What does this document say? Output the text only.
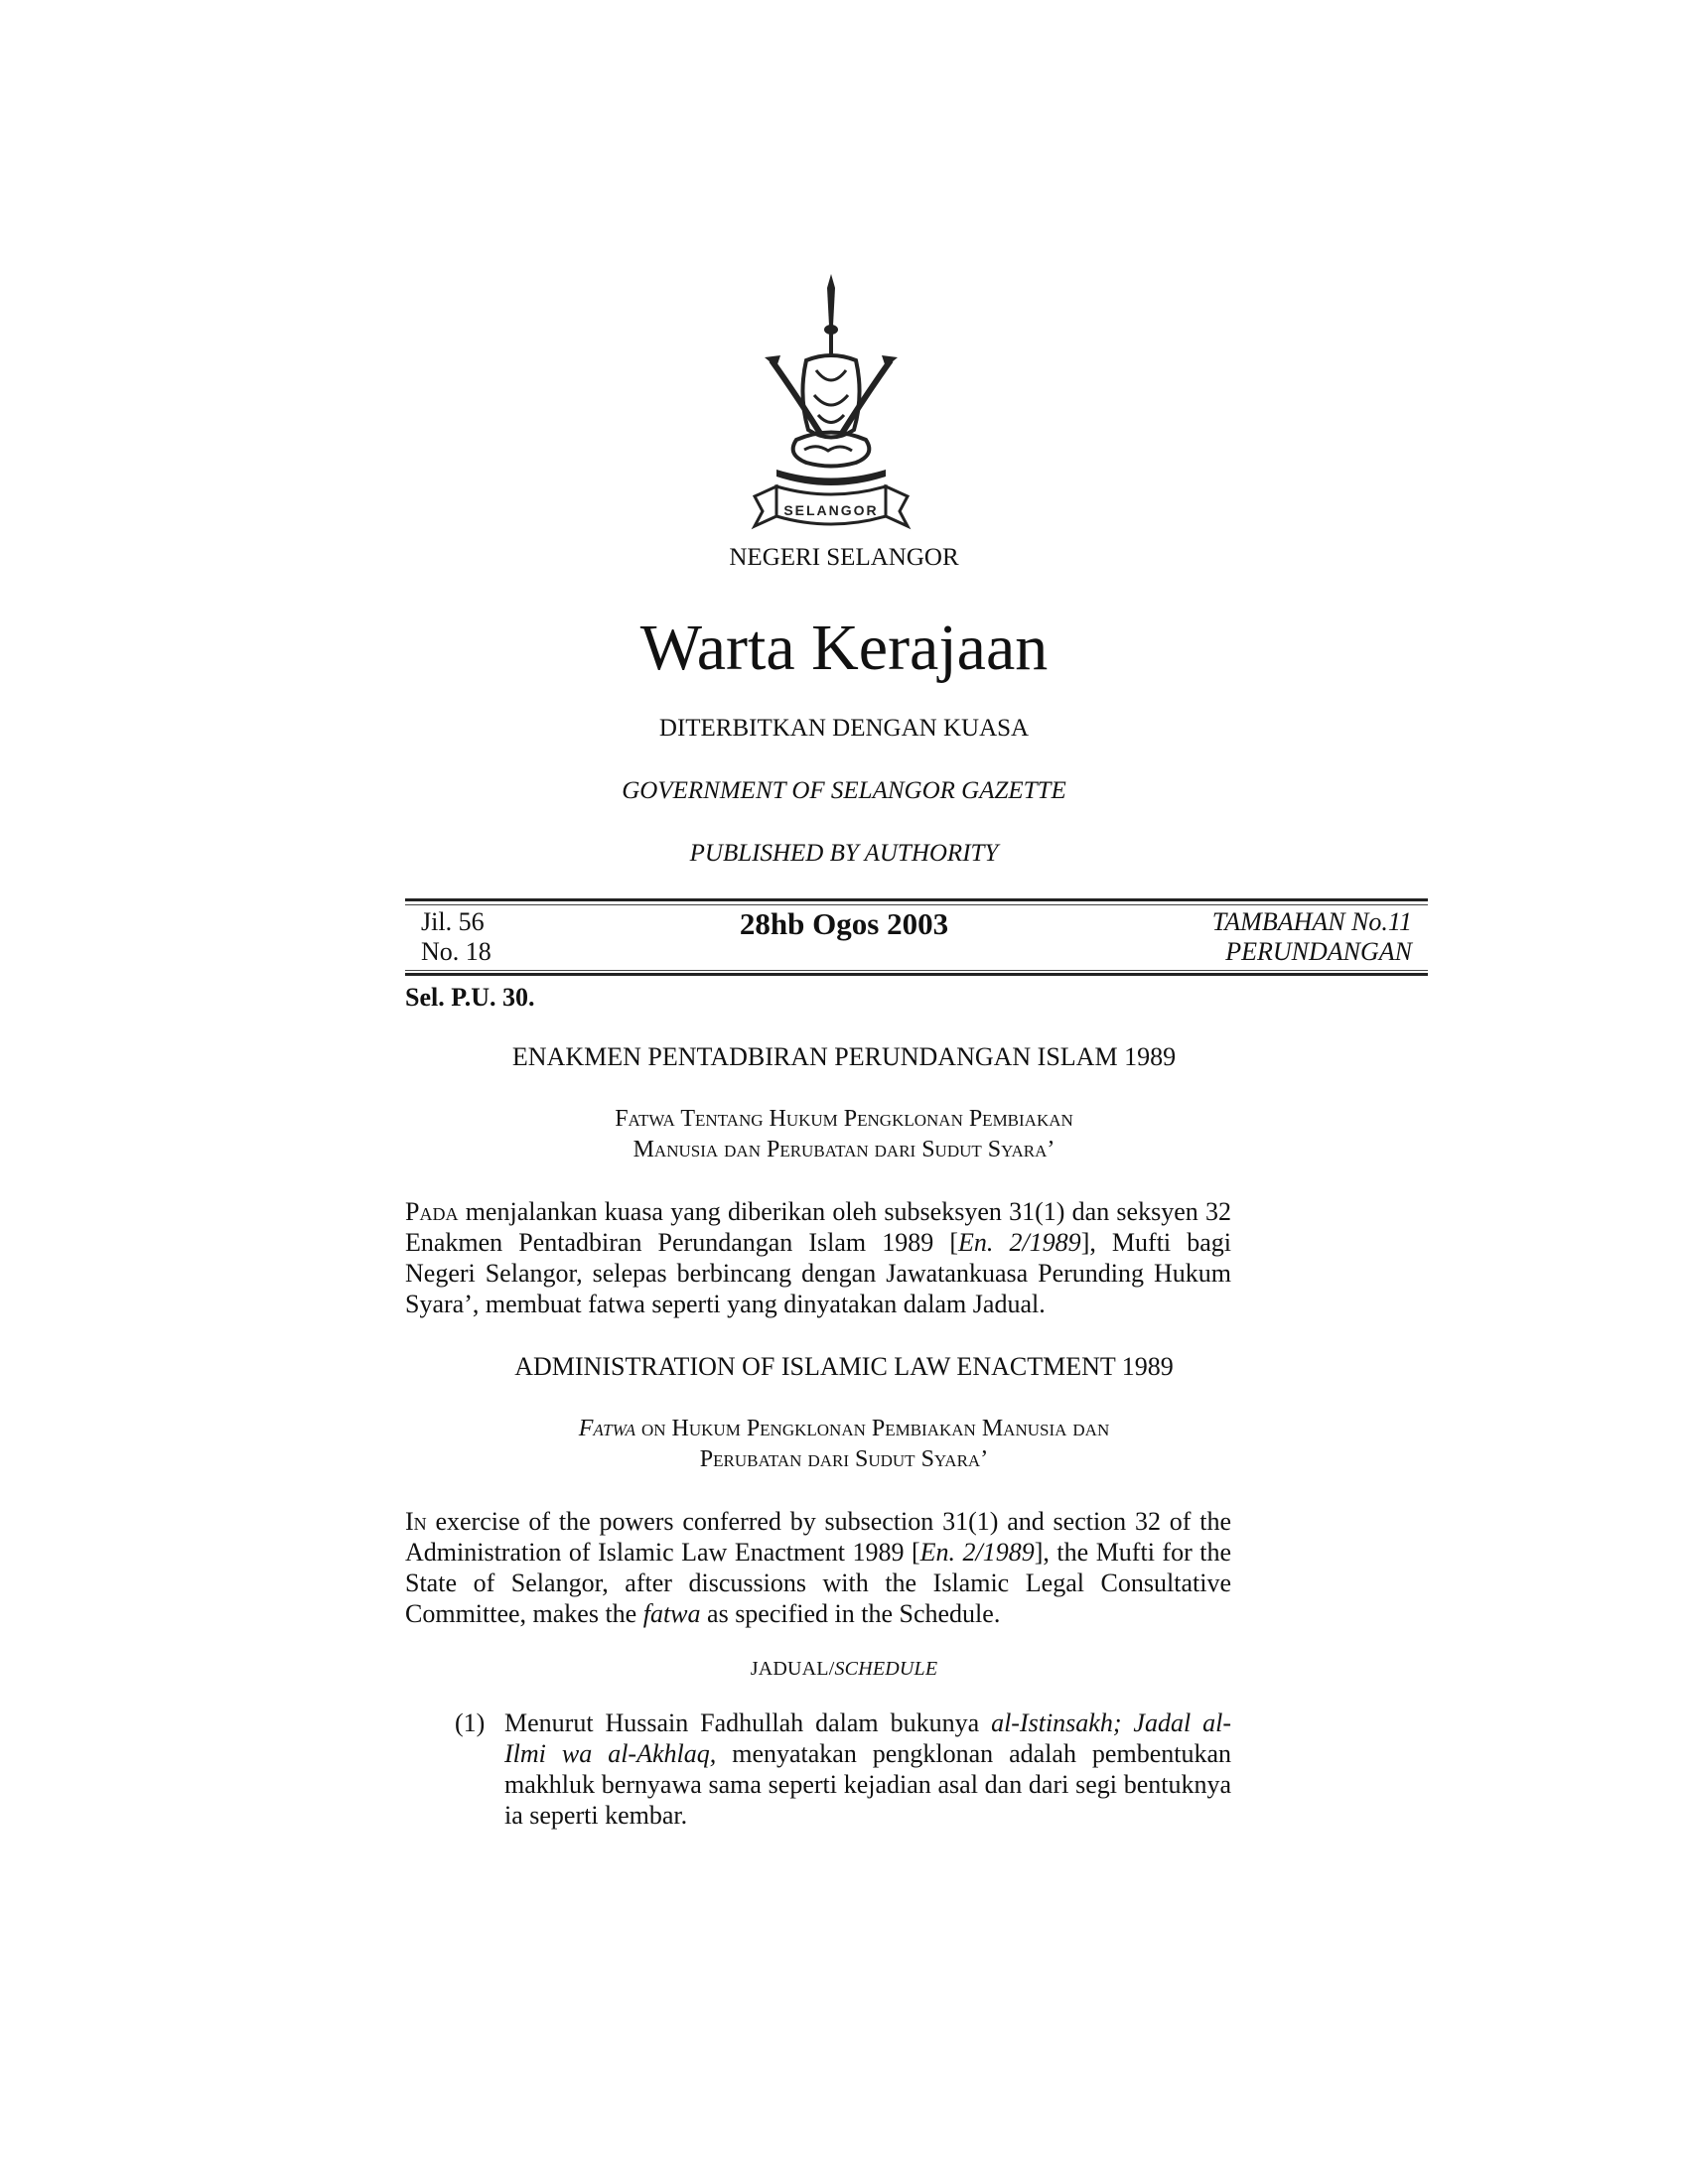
SELANGOR
NEGERI SELANGOR
Warta Kerajaan
DITERBITKAN DENGAN KUASA
GOVERNMENT OF SELANGOR GAZETTE
PUBLISHED BY AUTHORITY
Jil. 56
No. 18
28hb Ogos 2003	TAMBAHAN No.11
PERUNDANGAN
Sel. P.U. 30.
ENAKMEN PENTADBIRAN PERUNDANGAN ISLAM 1989
Fatwa Tentang Hukum Pengklonan Pembiakan
Manusia dan Perubatan dari Sudut Syara’
Pada menjalankan kuasa yang diberikan oleh subseksyen 31(1) dan seksyen 32 Enakmen Pentadbiran Perundangan Islam 1989 [En. 2/1989], Mufti bagi Negeri Selangor, selepas berbincang dengan Jawatankuasa Perunding Hukum Syara’, membuat fatwa seperti yang dinyatakan dalam Jadual.
ADMINISTRATION OF ISLAMIC LAW ENACTMENT 1989
Fatwa on Hukum Pengklonan Pembiakan Manusia dan
Perubatan dari Sudut Syara’
In exercise of the powers conferred by subsection 31(1) and section 32 of the Administration of Islamic Law Enactment 1989 [En. 2/1989], the Mufti for the State of Selangor, after discussions with the Islamic Legal Consultative Committee, makes the fatwa as specified in the Schedule.
JADUAL/SCHEDULE
(1) Menurut Hussain Fadhullah dalam bukunya al-Istinsakh; Jadal al-Ilmi wa al-Akhlaq, menyatakan pengklonan adalah pembentukan makhluk bernyawa sama seperti kejadian asal dan dari segi bentuknya ia seperti kembar.
